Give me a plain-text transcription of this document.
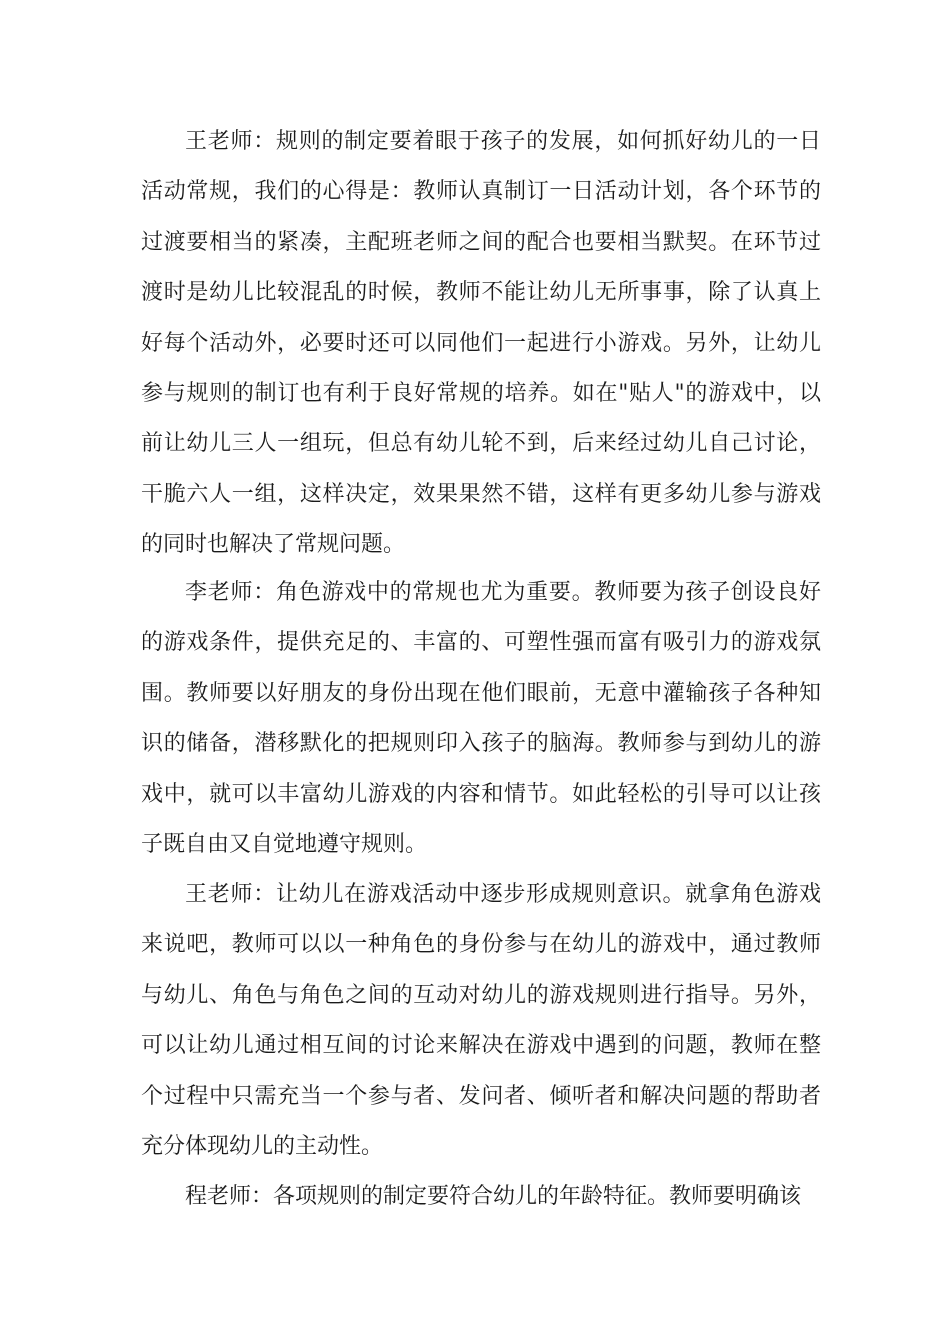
王老师：规则的制定要着眼于孩子的发展，如何抓好幼儿的一日活动常规，我们的心得是：教师认真制订一日活动计划，各个环节的过渡要相当的紧凑，主配班老师之间的配合也要相当默契。在环节过渡时是幼儿比较混乱的时候，教师不能让幼儿无所事事，除了认真上好每个活动外，必要时还可以同他们一起进行小游戏。另外，让幼儿参与规则的制订也有利于良好常规的培养。如在"贴人"的游戏中，以前让幼儿三人一组玩，但总有幼儿轮不到，后来经过幼儿自己讨论，干脆六人一组，这样决定，效果果然不错，这样有更多幼儿参与游戏的同时也解决了常规问题。

李老师：角色游戏中的常规也尤为重要。教师要为孩子创设良好的游戏条件，提供充足的、丰富的、可塑性强而富有吸引力的游戏氛围。教师要以好朋友的身份出现在他们眼前，无意中灌输孩子各种知识的储备，潜移默化的把规则印入孩子的脑海。教师参与到幼儿的游戏中，就可以丰富幼儿游戏的内容和情节。如此轻松的引导可以让孩子既自由又自觉地遵守规则。

王老师：让幼儿在游戏活动中逐步形成规则意识。就拿角色游戏来说吧，教师可以以一种角色的身份参与在幼儿的游戏中，通过教师与幼儿、角色与角色之间的互动对幼儿的游戏规则进行指导。另外，可以让幼儿通过相互间的讨论来解决在游戏中遇到的问题，教师在整个过程中只需充当一个参与者、发问者、倾听者和解决问题的帮助者充分体现幼儿的主动性。

程老师：各项规则的制定要符合幼儿的年龄特征。教师要明确该
